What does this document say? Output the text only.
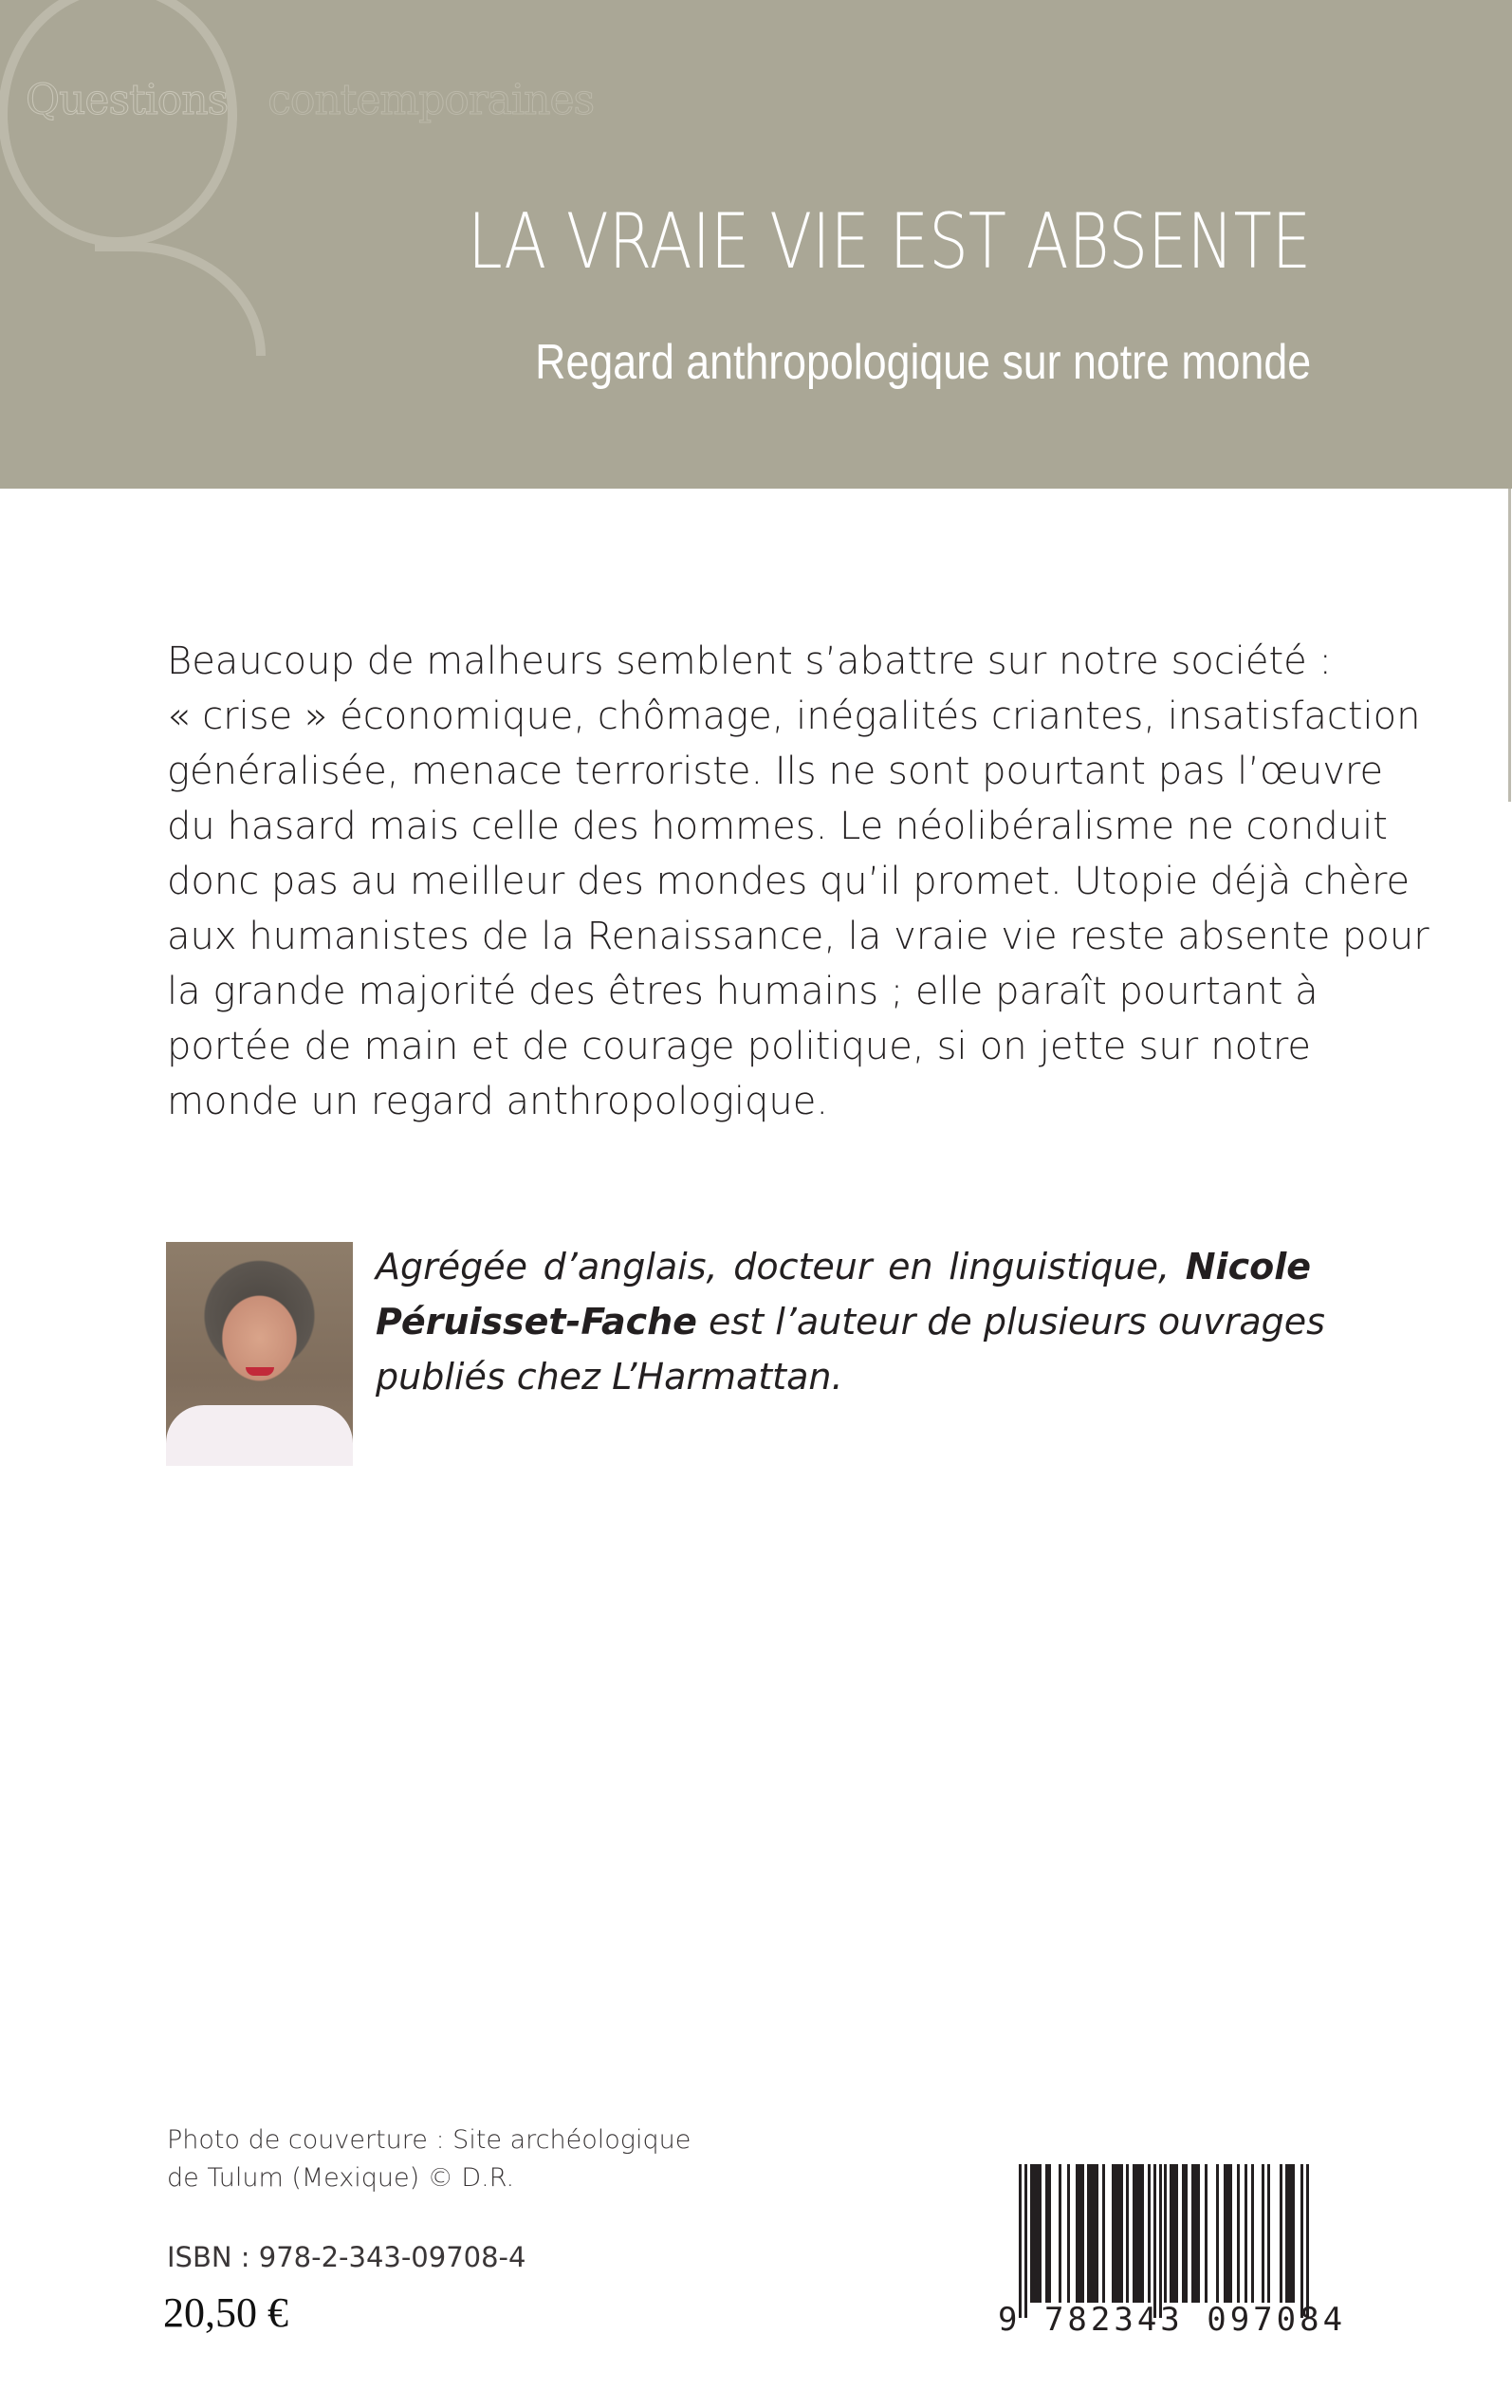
Questions contemporaines
LA VRAIE VIE EST ABSENTE
Regard anthropologique sur notre monde
Beaucoup de malheurs semblent s’abattre sur notre société :
« crise » économique, chômage, inégalités criantes, insatisfaction
généralisée, menace terroriste. Ils ne sont pourtant pas l’œuvre
du hasard mais celle des hommes. Le néolibéralisme ne conduit
donc pas au meilleur des mondes qu’il promet. Utopie déjà chère
aux humanistes de la Renaissance, la vraie vie reste absente pour
la grande majorité des êtres humains ; elle paraît pourtant à
portée de main et de courage politique, si on jette sur notre
monde un regard anthropologique.
Agrégée d’anglais, docteur en linguistique, Nicole
Péruisset-Fache est l’auteur de plusieurs ouvrages
publiés chez L’Harmattan.
Photo de couverture : Site archéologique
de Tulum (Mexique) © D.R.
ISBN : 978-2-343-09708-4
20,50 €	9 782343 097084
